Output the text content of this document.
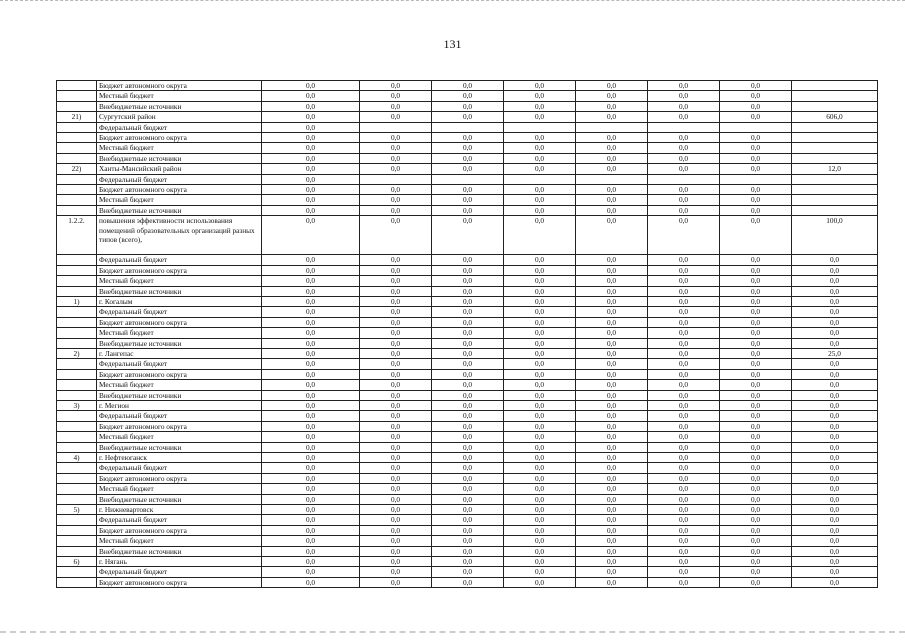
131
	Бюджет автономного округа	0,0	0,0	0,0	0,0	0,0	0,0	0,0	
	Местный бюджет	0,0	0,0	0,0	0,0	0,0	0,0	0,0	
	Внебюджетные источники	0,0	0,0	0,0	0,0	0,0	0,0	0,0	
21)	Сургутский район	0,0	0,0	0,0	0,0	0,0	0,0	0,0	606,0
	Федеральный бюджет	0,0							
	Бюджет автономного округа	0,0	0,0	0,0	0,0	0,0	0,0	0,0	
	Местный бюджет	0,0	0,0	0,0	0,0	0,0	0,0	0,0	
	Внебюджетные источники	0,0	0,0	0,0	0,0	0,0	0,0	0,0	
22)	Ханты-Мансийский район	0,0	0,0	0,0	0,0	0,0	0,0	0,0	12,0
	Федеральный бюджет	0,0							
	Бюджет автономного округа	0,0	0,0	0,0	0,0	0,0	0,0	0,0	
	Местный бюджет	0,0	0,0	0,0	0,0	0,0	0,0	0,0	
	Внебюджетные источники	0,0	0,0	0,0	0,0	0,0	0,0	0,0	
1.2.2.	повышения эффективности использования помещений образовательных организаций разных типов (всего),	0,0	0,0	0,0	0,0	0,0	0,0	0,0	100,0
	Федеральный бюджет	0,0	0,0	0,0	0,0	0,0	0,0	0,0	0,0
	Бюджет автономного округа	0,0	0,0	0,0	0,0	0,0	0,0	0,0	0,0
	Местный бюджет	0,0	0,0	0,0	0,0	0,0	0,0	0,0	0,0
	Внебюджетные источники	0,0	0,0	0,0	0,0	0,0	0,0	0,0	0,0
1)	г. Когалым	0,0	0,0	0,0	0,0	0,0	0,0	0,0	0,0
	Федеральный бюджет	0,0	0,0	0,0	0,0	0,0	0,0	0,0	0,0
	Бюджет автономного округа	0,0	0,0	0,0	0,0	0,0	0,0	0,0	0,0
	Местный бюджет	0,0	0,0	0,0	0,0	0,0	0,0	0,0	0,0
	Внебюджетные источники	0,0	0,0	0,0	0,0	0,0	0,0	0,0	0,0
2)	г. Лангепас	0,0	0,0	0,0	0,0	0,0	0,0	0,0	25,0
	Федеральный бюджет	0,0	0,0	0,0	0,0	0,0	0,0	0,0	0,0
	Бюджет автономного округа	0,0	0,0	0,0	0,0	0,0	0,0	0,0	0,0
	Местный бюджет	0,0	0,0	0,0	0,0	0,0	0,0	0,0	0,0
	Внебюджетные источники	0,0	0,0	0,0	0,0	0,0	0,0	0,0	0,0
3)	г. Мегион	0,0	0,0	0,0	0,0	0,0	0,0	0,0	0,0
	Федеральный бюджет	0,0	0,0	0,0	0,0	0,0	0,0	0,0	0,0
	Бюджет автономного округа	0,0	0,0	0,0	0,0	0,0	0,0	0,0	0,0
	Местный бюджет	0,0	0,0	0,0	0,0	0,0	0,0	0,0	0,0
	Внебюджетные источники	0,0	0,0	0,0	0,0	0,0	0,0	0,0	0,0
4)	г. Нефтеюганск	0,0	0,0	0,0	0,0	0,0	0,0	0,0	0,0
	Федеральный бюджет	0,0	0,0	0,0	0,0	0,0	0,0	0,0	0,0
	Бюджет автономного округа	0,0	0,0	0,0	0,0	0,0	0,0	0,0	0,0
	Местный бюджет	0,0	0,0	0,0	0,0	0,0	0,0	0,0	0,0
	Внебюджетные источники	0,0	0,0	0,0	0,0	0,0	0,0	0,0	0,0
5)	г. Нижневартовск	0,0	0,0	0,0	0,0	0,0	0,0	0,0	0,0
	Федеральный бюджет	0,0	0,0	0,0	0,0	0,0	0,0	0,0	0,0
	Бюджет автономного округа	0,0	0,0	0,0	0,0	0,0	0,0	0,0	0,0
	Местный бюджет	0,0	0,0	0,0	0,0	0,0	0,0	0,0	0,0
	Внебюджетные источники	0,0	0,0	0,0	0,0	0,0	0,0	0,0	0,0
6)	г. Нягань	0,0	0,0	0,0	0,0	0,0	0,0	0,0	0,0
	Федеральный бюджет	0,0	0,0	0,0	0,0	0,0	0,0	0,0	0,0
	Бюджет автономного округа	0,0	0,0	0,0	0,0	0,0	0,0	0,0	0,0
